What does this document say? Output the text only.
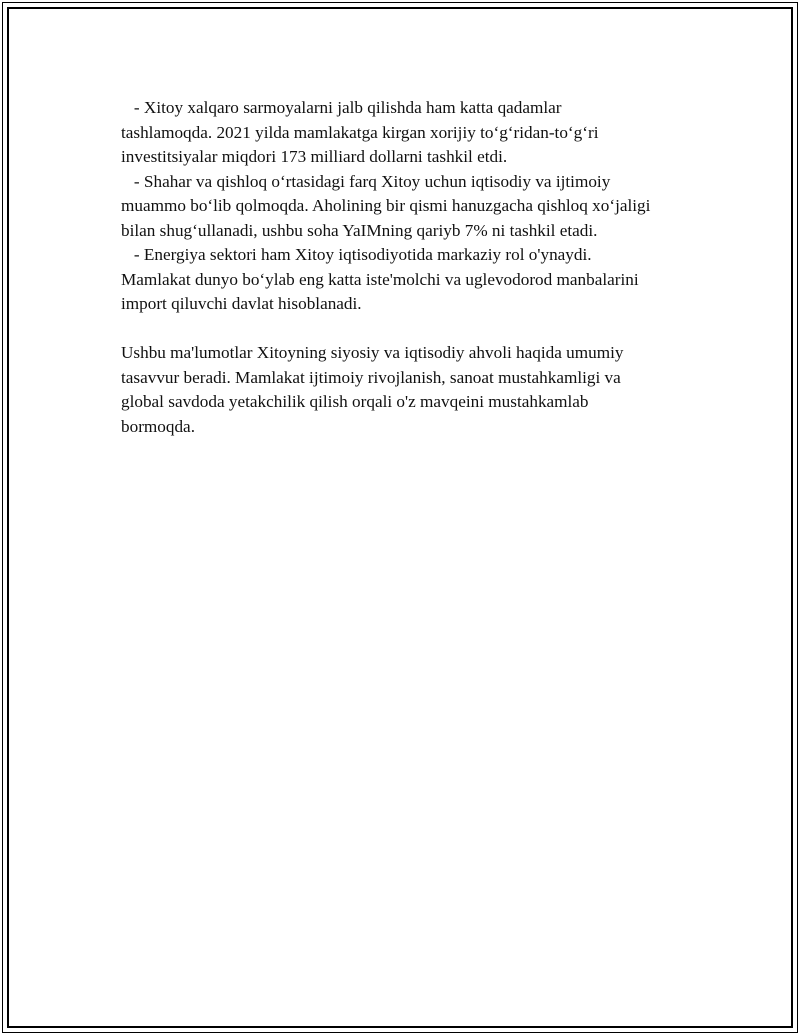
- Xitoy xalqaro sarmoyalarni jalb qilishda ham katta qadamlar
tashlamoqda. 2021 yilda mamlakatga kirgan xorijiy to‘g‘ridan-to‘g‘ri
investitsiyalar miqdori 173 milliard dollarni tashkil etdi.

- Shahar va qishloq o‘rtasidagi farq Xitoy uchun iqtisodiy va ijtimoiy
muammo bo‘lib qolmoqda. Aholining bir qismi hanuzgacha qishloq xo‘jaligi
bilan shug‘ullanadi, ushbu soha YaIMning qariyb 7% ni tashkil etadi.

- Energiya sektori ham Xitoy iqtisodiyotida markaziy rol o'ynaydi.
Mamlakat dunyo bo‘ylab eng katta iste'molchi va uglevodorod manbalarini
import qiluvchi davlat hisoblanadi.

Ushbu ma'lumotlar Xitoyning siyosiy va iqtisodiy ahvoli haqida umumiy
tasavvur beradi. Mamlakat ijtimoiy rivojlanish, sanoat mustahkamligi va
global savdoda yetakchilik qilish orqali o'z mavqeini mustahkamlab
bormoqda.
